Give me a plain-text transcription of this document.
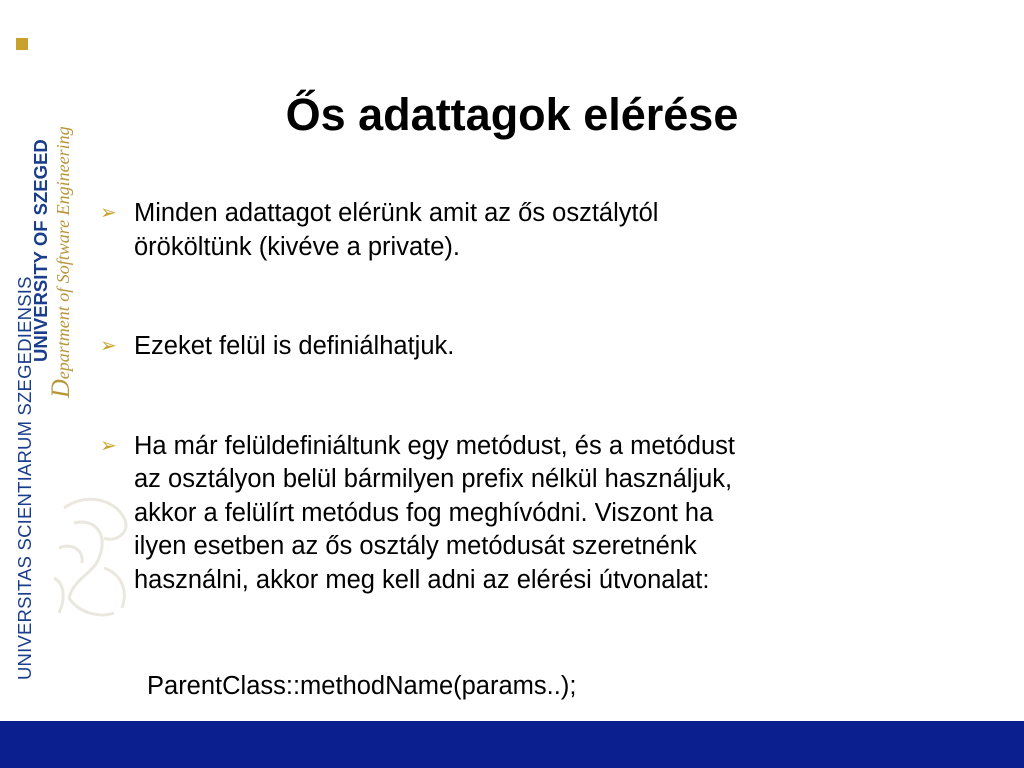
UNIVERSITAS SCIENTIARUM SZEGEDIENSIS
UNIVERSITY OF SZEGED
Department of Software Engineering
Ős adattagok elérése
➢ Minden adattagot elérünk amit az ős osztálytól
örököltünk (kivéve a private).
➢ Ezeket felül is definiálhatjuk.
➢ Ha már felüldefiniáltunk egy metódust, és a metódust
az osztályon belül bármilyen prefix nélkül használjuk,
akkor a felülírt metódus fog meghívódni. Viszont ha
ilyen esetben az ős osztály metódusát szeretnénk
használni, akkor meg kell adni az elérési útvonalat:
ParentClass::methodName(params..);
